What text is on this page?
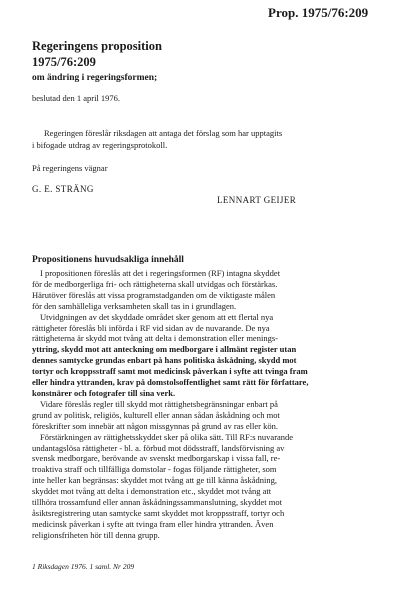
Prop. 1975/76:209
Regeringens proposition
1975/76:209
om ändring i regeringsformen;
beslutad den 1 april 1976.

Regeringen föreslår riksdagen att antaga det förslag som har upptagits

i bifogade utdrag av regeringsprotokoll.

På regeringens vägnar
G. E. STRÄNG
LENNART GEIJER
Propositionens huvudsakliga innehåll

I propositionen föreslås att det i regeringsformen (RF) intagna skyddet

för de medborgerliga fri- och rättigheterna skall utvidgas och förstärkas.

Härutöver föreslås att vissa programstadganden om de viktigaste målen

för den samhälleliga verksamheten skall tas in i grundlagen.

Utvidgningen av det skyddade området sker genom att ett flertal nya

rättigheter föreslås bli införda i RF vid sidan av de nuvarande. De nya

rättigheterna är skydd mot tvång att delta i demonstration eller menings-

yttring, skydd mot att anteckning om medborgare i allmänt register utan

dennes samtycke grundas enbart på hans politiska åskådning, skydd mot

tortyr och kroppsstraff samt mot medicinsk påverkan i syfte att tvinga fram

eller hindra yttranden, krav på domstolsoffentlighet samt rätt för författare,

konstnärer och fotografer till sina verk.

Vidare föreslås regler till skydd mot rättighetsbegränsningar enbart på

grund av politisk, religiös, kulturell eller annan sådan åskådning och mot

föreskrifter som innebär att någon missgynnas på grund av ras eller kön.

Förstärkningen av rättighetsskyddet sker på olika sätt. Till RF:s nuvarande

undantagslösa rättigheter - bl. a. förbud mot dödsstraff, landsförvisning av

svensk medborgare, berövande av svenskt medborgarskap i vissa fall, re-

troaktiva straff och tillfälliga domstolar - fogas följande rättigheter, som

inte heller kan begränsas: skyddet mot tvång att ge till känna åskådning,

skyddet mot tvång att delta i demonstration etc., skyddet mot tvång att

tillhöra trossamfund eller annan åskådningssammanslutning, skyddet mot

åsiktsregistrering utan samtycke samt skyddet mot kroppsstraff, tortyr och

medicinsk påverkan i syfte att tvinga fram eller hindra yttranden. Även

religionsfriheten hör till denna grupp.

1 Riksdagen 1976. 1 saml. Nr 209
